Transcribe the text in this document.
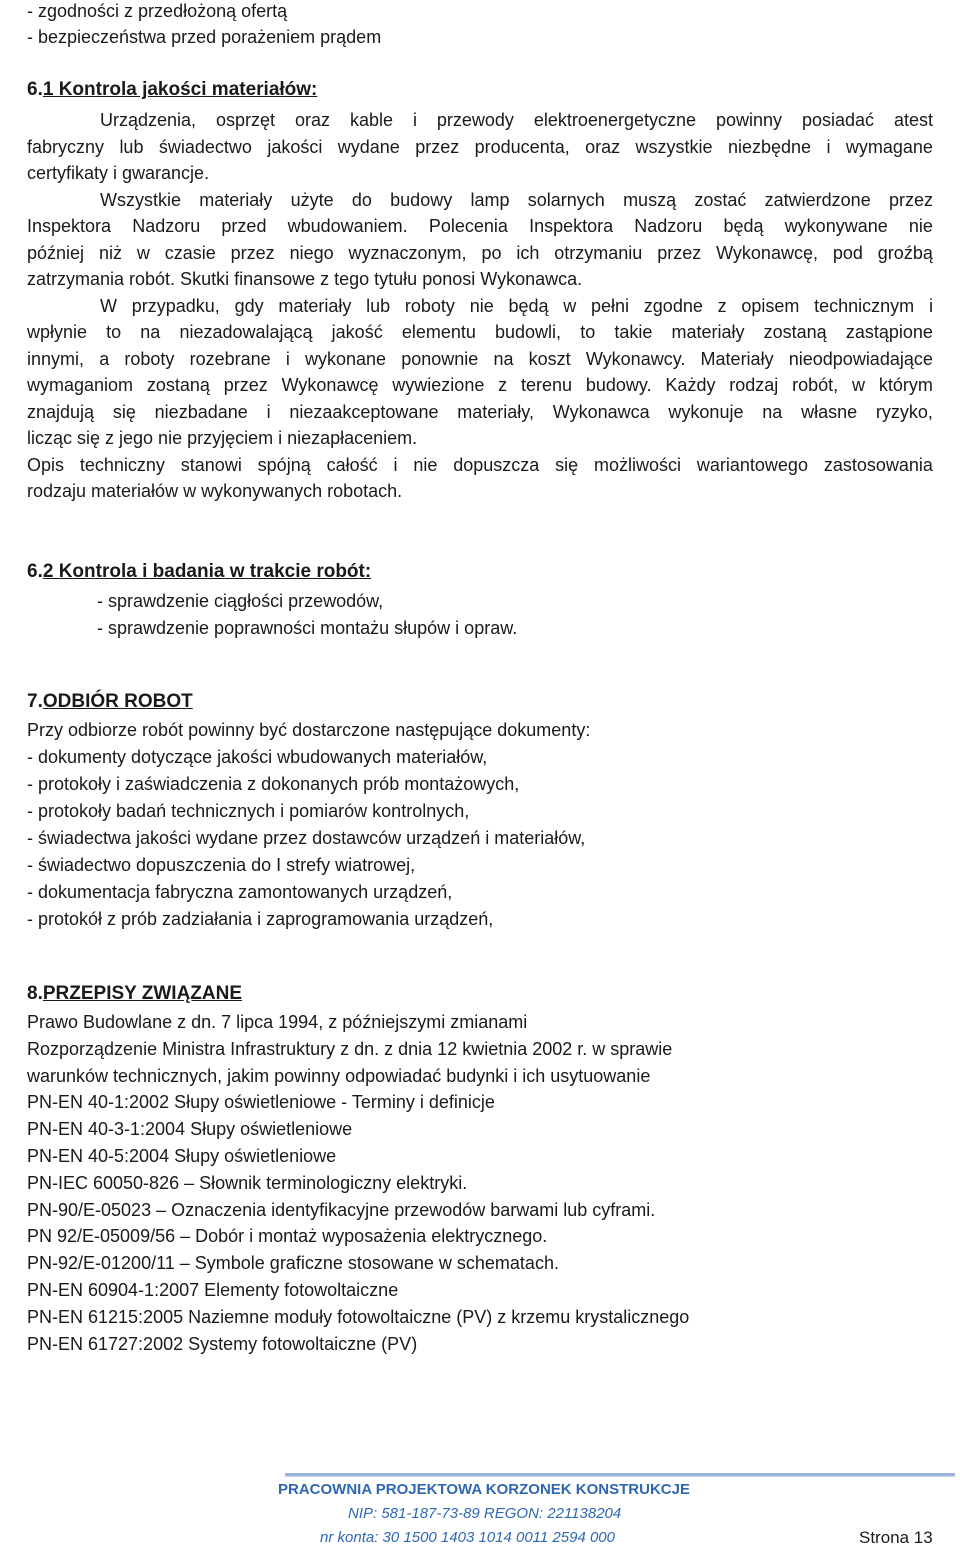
- zgodności z przedłożoną ofertą
- bezpieczeństwa przed porażeniem prądem
6.1 Kontrola jakości materiałów:
Urządzenia, osprzęt oraz kable i przewody elektroenergetyczne powinny posiadać atest
fabryczny lub świadectwo jakości wydane przez producenta, oraz wszystkie niezbędne i wymagane
certyfikaty i gwarancje.
Wszystkie materiały użyte do budowy lamp solarnych muszą zostać zatwierdzone przez
Inspektora Nadzoru przed wbudowaniem. Polecenia Inspektora Nadzoru będą wykonywane nie
później niż w czasie przez niego wyznaczonym, po ich otrzymaniu przez Wykonawcę, pod groźbą
zatrzymania robót. Skutki finansowe z tego tytułu ponosi Wykonawca.
W przypadku, gdy materiały lub roboty nie będą w pełni zgodne z opisem technicznym i
wpłynie to na niezadowalającą jakość elementu budowli, to takie materiały zostaną zastąpione
innymi, a roboty rozebrane i wykonane ponownie na koszt Wykonawcy. Materiały nieodpowiadające
wymaganiom zostaną przez Wykonawcę wywiezione z terenu budowy. Każdy rodzaj robót, w którym
znajdują się niezbadane i niezaakceptowane materiały, Wykonawca wykonuje na własne ryzyko,
licząc się z jego nie przyjęciem i niezapłaceniem.
Opis techniczny stanowi spójną całość i nie dopuszcza się możliwości wariantowego zastosowania
rodzaju materiałów w wykonywanych robotach.
6.2 Kontrola i badania w trakcie robót:
- sprawdzenie ciągłości przewodów,
- sprawdzenie poprawności montażu słupów i opraw.
7.ODBIÓR ROBOT
Przy odbiorze robót powinny być dostarczone następujące dokumenty:
- dokumenty dotyczące jakości wbudowanych materiałów,
- protokoły i zaświadczenia z dokonanych prób montażowych,
- protokoły badań technicznych i pomiarów kontrolnych,
- świadectwa jakości wydane przez dostawców urządzeń i materiałów,
- świadectwo dopuszczenia do I strefy wiatrowej,
- dokumentacja fabryczna zamontowanych urządzeń,
- protokół z prób zadziałania i zaprogramowania urządzeń,
8.PRZEPISY ZWIĄZANE
Prawo Budowlane z dn. 7 lipca 1994, z późniejszymi zmianami
Rozporządzenie Ministra Infrastruktury z dn. z dnia 12 kwietnia 2002 r. w sprawie
warunków technicznych, jakim powinny odpowiadać budynki i ich usytuowanie
PN-EN 40-1:2002 Słupy oświetleniowe - Terminy i definicje
PN-EN 40-3-1:2004 Słupy oświetleniowe
PN-EN 40-5:2004 Słupy oświetleniowe
PN-IEC 60050-826 – Słownik terminologiczny elektryki.
PN-90/E-05023 – Oznaczenia identyfikacyjne przewodów barwami lub cyframi.
PN 92/E-05009/56 – Dobór i montaż wyposażenia elektrycznego.
PN-92/E-01200/11 – Symbole graficzne stosowane w schematach.
PN-EN 60904-1:2007 Elementy fotowoltaiczne
PN-EN 61215:2005 Naziemne moduły fotowoltaiczne (PV) z krzemu krystalicznego
PN-EN 61727:2002 Systemy fotowoltaiczne (PV)
PRACOWNIA PROJEKTOWA KORZONEK KONSTRUKCJE
NIP: 581-187-73-89 REGON: 221138204
nr konta: 30 1500 1403 1014 0011 2594 000	Strona 13
